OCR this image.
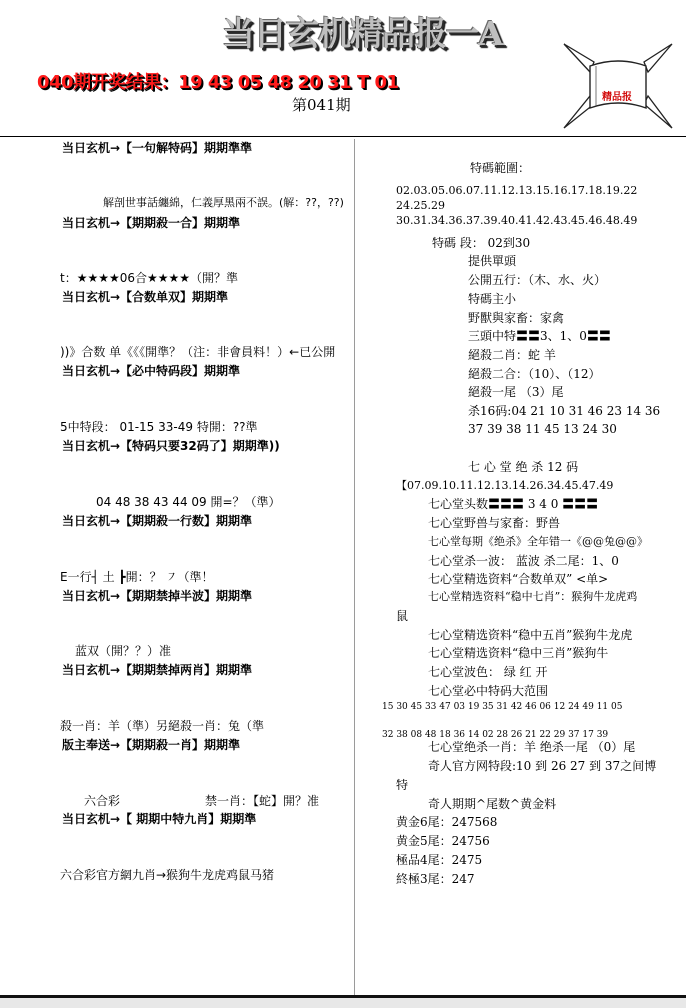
当日玄机精品报一A
040期开奖结果：19 43 05 48 20 31 T 01
第041期	精品报
当日玄机→【一句解特码】期期準準
解剖世事話纏綿，仁義厚黑兩不誤。(解：??，??)
当日玄机→【期期殺一合】期期準
t：★★★★06合★★★★（開？準
当日玄机→【合数单双】期期準
))》合数 单《《《開準？（注：非會員料！）←已公開
当日玄机→【必中特码段】期期準
5中特段： 01-15 33-49 特開：??準
当日玄机→【特码只要32码了】期期準))
04 48 38 43 44 09 開=？（準）
当日玄机→【期期殺一行数】期期準
E一行┤ 土 ┣開：？ ㇇（準！
当日玄机→【期期禁掉半波】期期準
蓝双（開？？）准
当日玄机→【期期禁掉两肖】期期準
殺一肖：羊（準）另絕殺一肖：兔（準
版主奉送→【期期殺一肖】期期準
六合彩	禁一肖：【蛇】開？准
当日玄机→【 期期中特九肖】期期準
六合彩官方網九肖→猴狗牛龙虎鸡鼠马猪
特碼範圍：
02.03.05.06.07.11.12.13.15.16.17.18.19.22
24.25.29
30.31.34.36.37.39.40.41.42.43.45.46.48.49
特碼 段： 02到30
提供單頭
公開五行：（木、水、火）
特碼主小
野獸與家畜：家禽
三頭中特〓〓3、1、0〓〓
絕殺二肖：蛇 羊
絕殺二合：（10）、（12）
絕殺一尾 （3）尾
杀16码:04 21 10 31 46 23 14 36
37 39 38 11 45 13 24 30
七 心 堂 绝 杀 12 码
【07.09.10.11.12.13.14.26.34.45.47.49
七心堂头数〓〓〓 3 4 0 〓〓〓
七心堂野兽与家畜：野兽
七心堂每期《绝杀》全年错一《@@兔@@》
七心堂杀一波： 蓝波 杀二尾：1、0
七心堂精选资料“合数单双” <单>
七心堂精选资料“稳中七肖”：猴狗牛龙虎鸡
鼠
七心堂精选资料“稳中五肖”猴狗牛龙虎
七心堂精选资料“稳中三肖”猴狗牛
七心堂波色： 绿 红 开
七心堂必中特码大范围
15 30 45 33 47 03 19 35 31 42 46 06 12 24 49 11 05
32 38 08 48 18 36 14 02 28 26 21 22 29 37 17 39
七心堂绝杀一肖：羊 绝杀一尾 （0）尾
奇人官方网特段:10 到 26 27 到 37之间博
特
奇人期期^尾数^黄金料
黄金6尾：247568
黄金5尾：24756
極品4尾：2475
終極3尾：247
